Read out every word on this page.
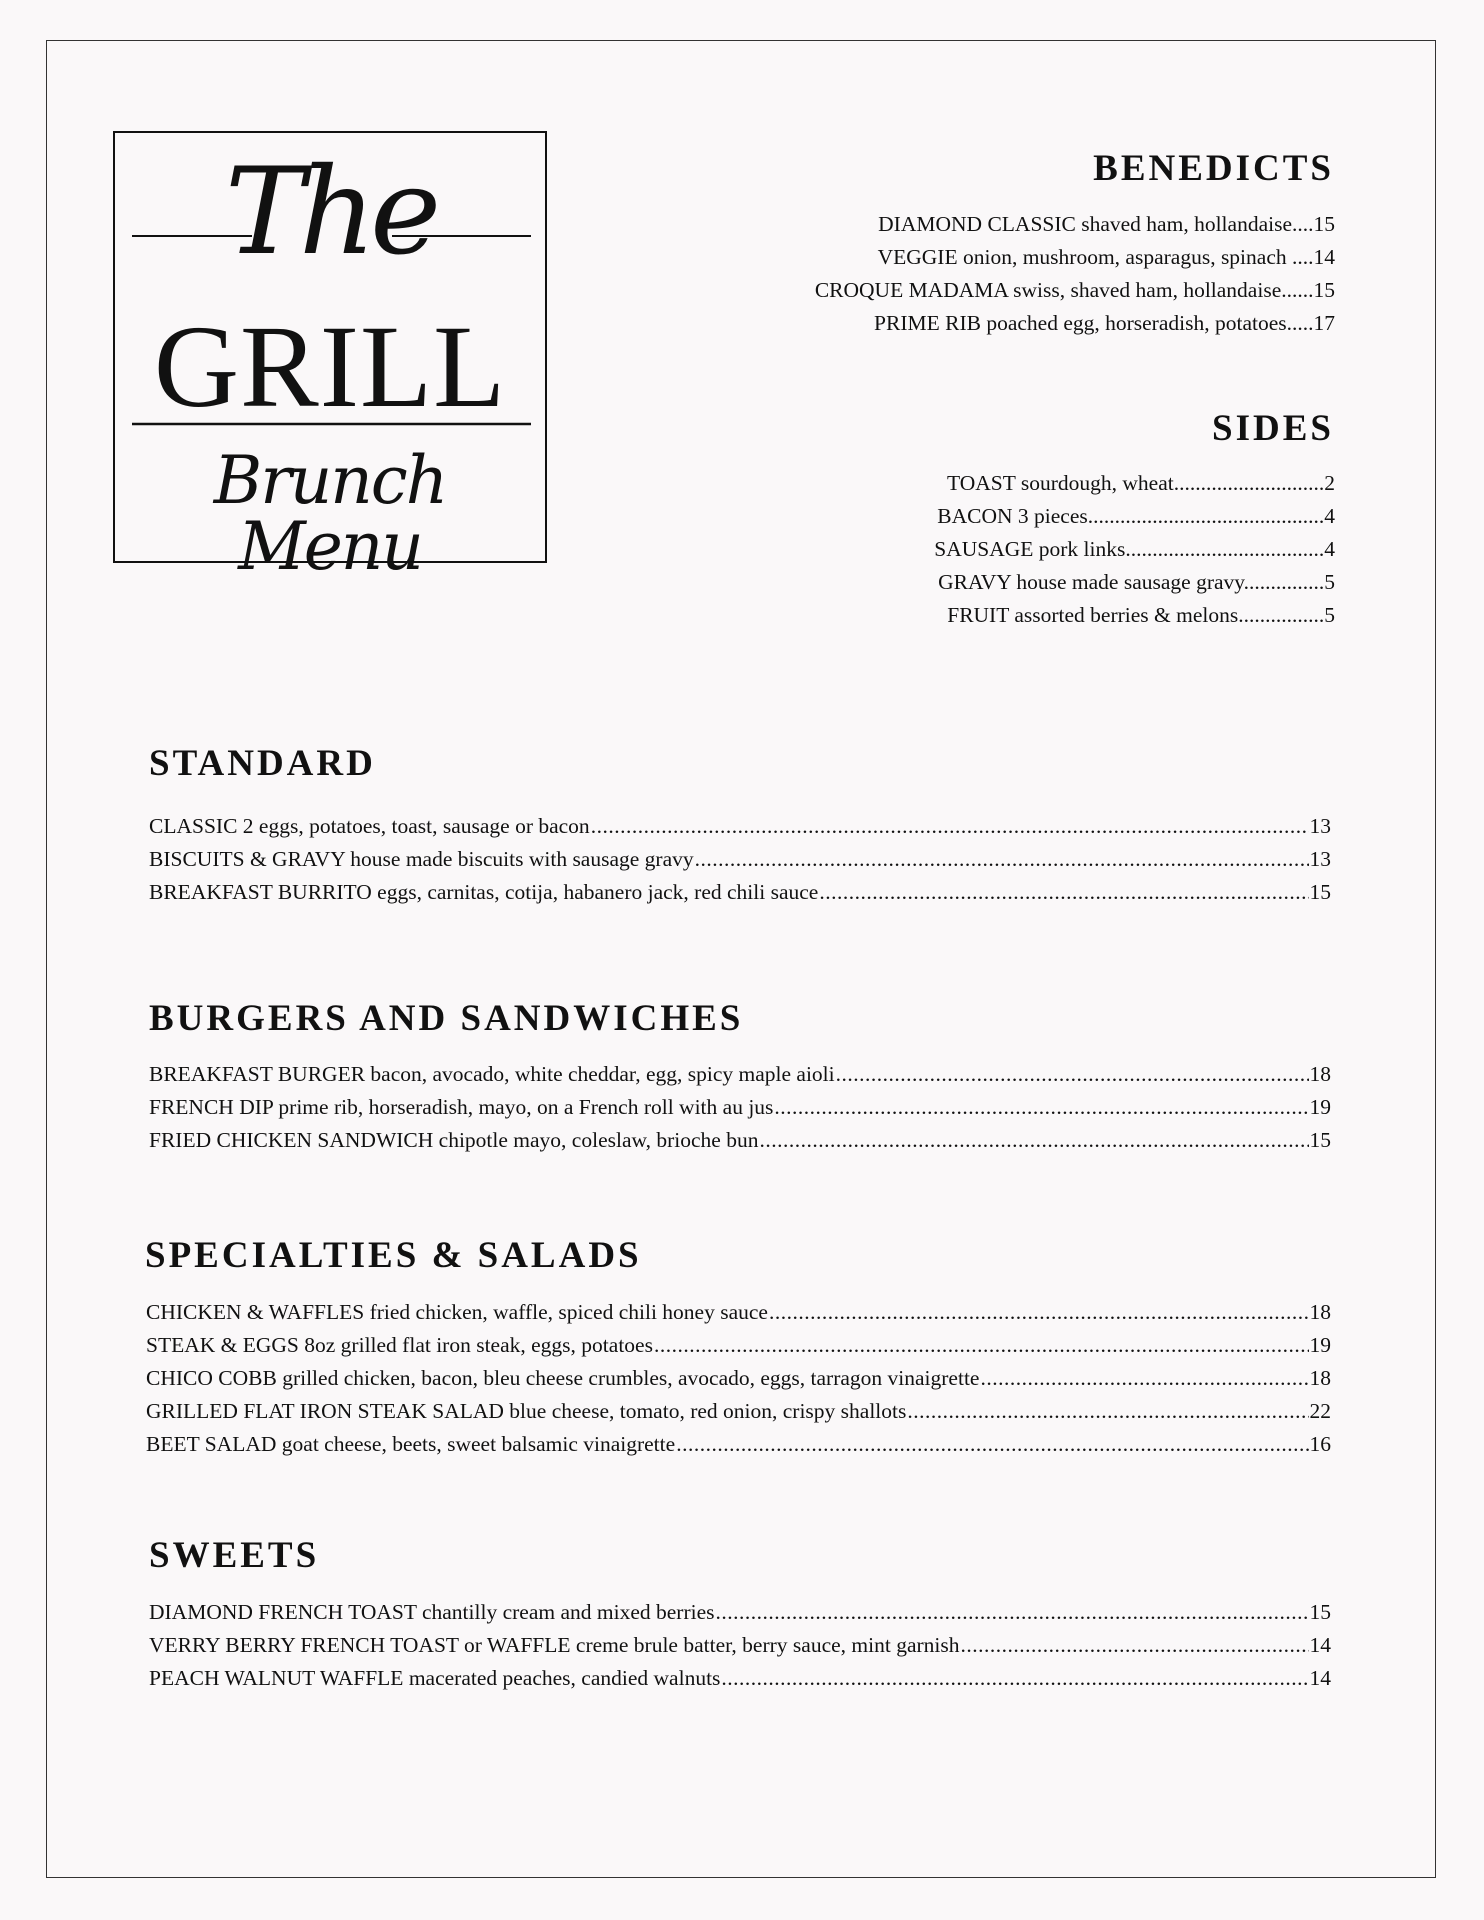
The
GRILL
Brunch Menu
BENEDICTS
DIAMOND CLASSIC shaved ham, hollandaise....15
VEGGIE onion, mushroom, asparagus, spinach ....14
CROQUE MADAMA swiss, shaved ham, hollandaise......15
PRIME RIB poached egg, horseradish, potatoes.....17
SIDES
TOAST sourdough, wheat............................2
BACON 3 pieces............................................4
SAUSAGE pork links.....................................4
GRAVY house made sausage gravy...............5
FRUIT assorted berries & melons................5
STANDARD
CLASSIC 2 eggs, potatoes, toast, sausage or bacon .....	13
BISCUITS & GRAVY house made biscuits with sausage gravy .....	13
BREAKFAST BURRITO eggs, carnitas, cotija, habanero jack, red chili sauce .....	15
BURGERS AND SANDWICHES
BREAKFAST BURGER bacon, avocado, white cheddar, egg, spicy maple aioli .....	18
FRENCH DIP prime rib, horseradish, mayo, on a French roll with au jus .....	19
FRIED CHICKEN SANDWICH chipotle mayo, coleslaw, brioche bun .....	15
SPECIALTIES & SALADS
CHICKEN & WAFFLES fried chicken, waffle, spiced chili honey sauce .....	18
STEAK & EGGS 8oz grilled flat iron steak, eggs, potatoes .....	19
CHICO COBB grilled chicken, bacon, bleu cheese crumbles, avocado, eggs, tarragon vinaigrette .....	18
GRILLED FLAT IRON STEAK SALAD blue cheese, tomato, red onion, crispy shallots .....	22
BEET SALAD goat cheese, beets, sweet balsamic vinaigrette .....	16
SWEETS
DIAMOND FRENCH TOAST chantilly cream and mixed berries .....	15
VERRY BERRY FRENCH TOAST or WAFFLE creme brule batter, berry sauce, mint garnish .....	14
PEACH WALNUT WAFFLE macerated peaches, candied walnuts .....	14
